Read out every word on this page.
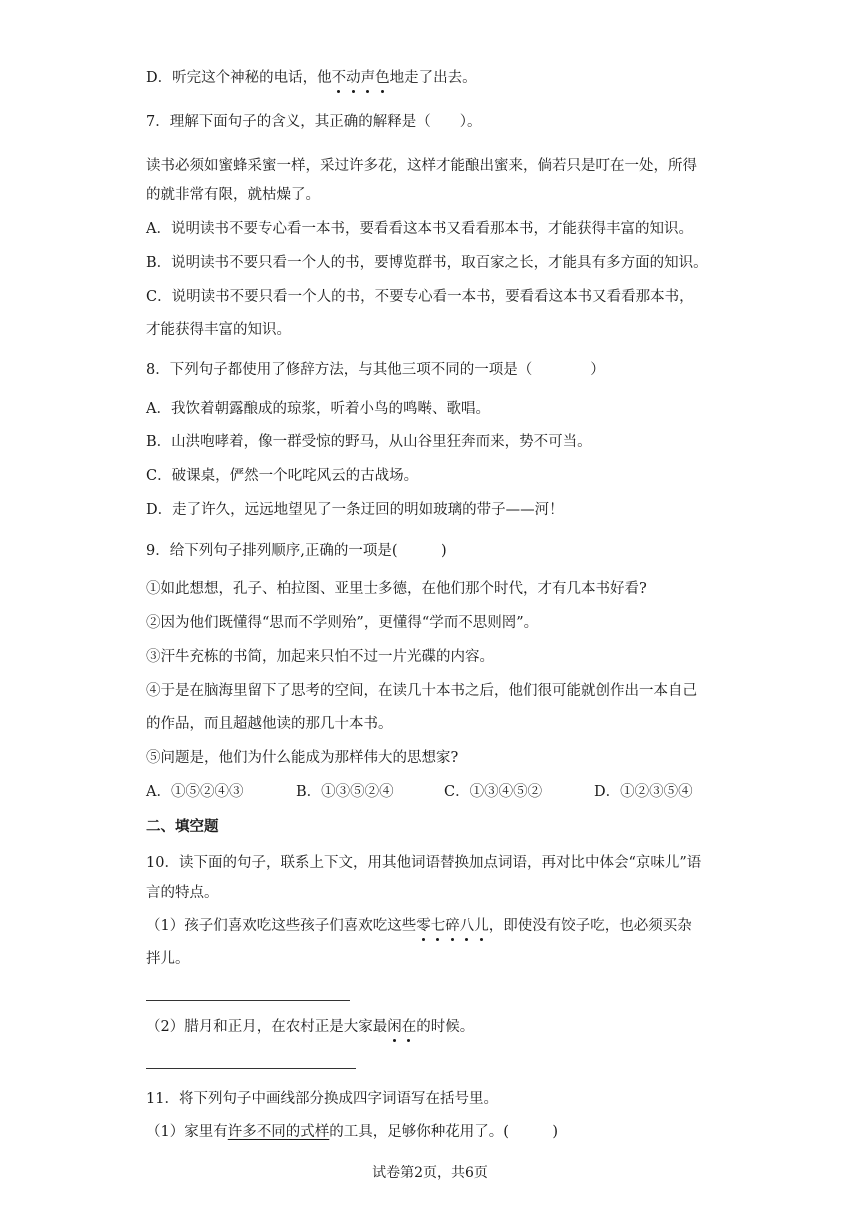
D．听完这个神秘的电话，他不动声色地走了出去。
7．理解下面句子的含义，其正确的解释是（　　）。
读书必须如蜜蜂采蜜一样，采过许多花，这样才能酿出蜜来，倘若只是叮在一处，所得
的就非常有限，就枯燥了。
A．说明读书不要专心看一本书，要看看这本书又看看那本书，才能获得丰富的知识。
B．说明读书不要只看一个人的书，要博览群书，取百家之长，才能具有多方面的知识。
C．说明读书不要只看一个人的书，不要专心看一本书，要看看这本书又看看那本书，
才能获得丰富的知识。
8．下列句子都使用了修辞方法，与其他三项不同的一项是（　　　　）
A．我饮着朝露酿成的琼浆，听着小鸟的鸣啭、歌唱。
B．山洪咆哮着，像一群受惊的野马，从山谷里狂奔而来，势不可当。
C．破课桌，俨然一个叱咤风云的古战场。
D．走了许久，远远地望见了一条迂回的明如玻璃的带子——河！
9．给下列句子排列顺序,正确的一项是(　　　)
①如此想想，孔子、柏拉图、亚里士多德，在他们那个时代，才有几本书好看?
②因为他们既懂得“思而不学则殆”，更懂得“学而不思则罔”。
③汗牛充栋的书简，加起来只怕不过一片光碟的内容。
④于是在脑海里留下了思考的空间，在读几十本书之后，他们很可能就创作出一本自己
的作品，而且超越他读的那几十本书。
⑤问题是，他们为什么能成为那样伟大的思想家?
A．①⑤②④③	B．①③⑤②④	C．①③④⑤②	D．①②③⑤④
二、填空题
10．读下面的句子，联系上下文，用其他词语替换加点词语，再对比中体会“京味儿”语
言的特点。
（1）孩子们喜欢吃这些孩子们喜欢吃这些零七碎八儿，即使没有饺子吃，也必须买杂
拌儿。
（2）腊月和正月，在农村正是大家最闲在的时候。
11．将下列句子中画线部分换成四字词语写在括号里。
（1）家里有许多不同的式样的工具，足够你种花用了。(　　　)
试卷第2页，共6页
